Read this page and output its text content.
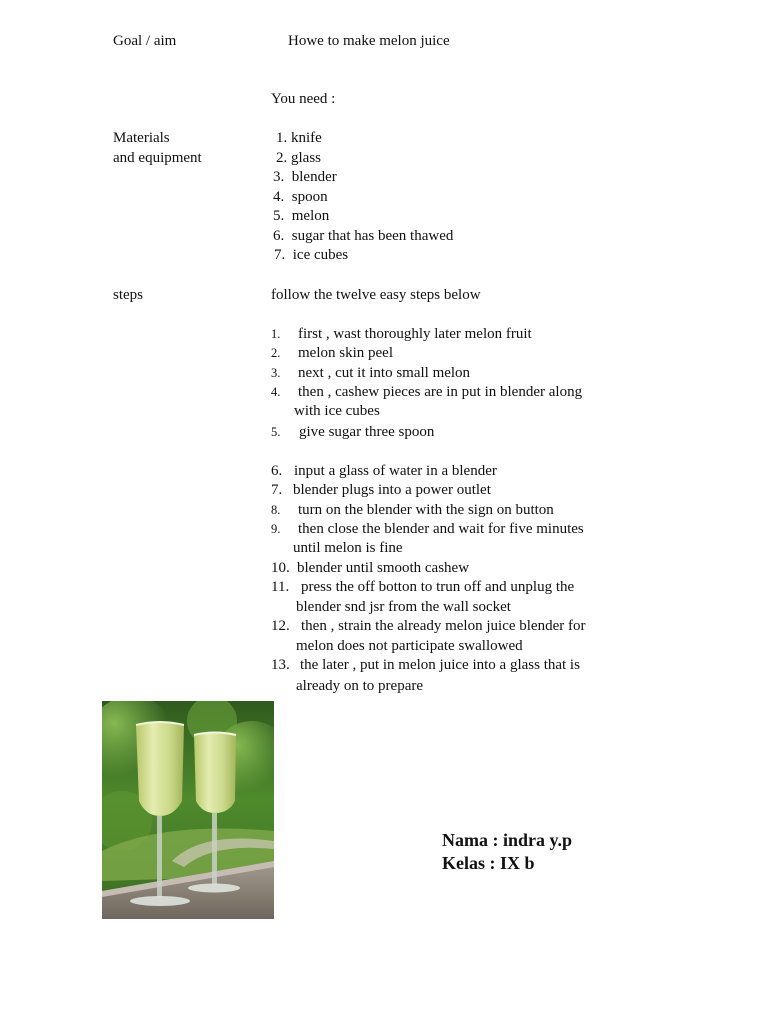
Goal / aim	Howe to make melon juice
You need :
Materials
and equipment
1. knife
2. glass
3. blender
4. spoon
5. melon
6. sugar that has been thawed
7. ice cubes
steps	follow the twelve easy steps below
1. first , wast thoroughly later melon fruit
2. melon skin peel
3. next , cut it into small melon
4. then , cashew pieces are in put in blender along
with ice cubes
5. give sugar three spoon
6. input a glass of water in a blender
7. blender plugs into a power outlet
8. turn on the blender with the sign on button
9. then close the blender and wait for five minutes
until melon is fine
10. blender until smooth cashew
11. press the off botton to trun off and unplug the
blender snd jsr from the wall socket
12. then , strain the already melon juice blender for
melon does not participate swallowed
13. the later , put in melon juice into a glass that is
already on to prepare
Nama : indra y.p
Kelas : IX b
